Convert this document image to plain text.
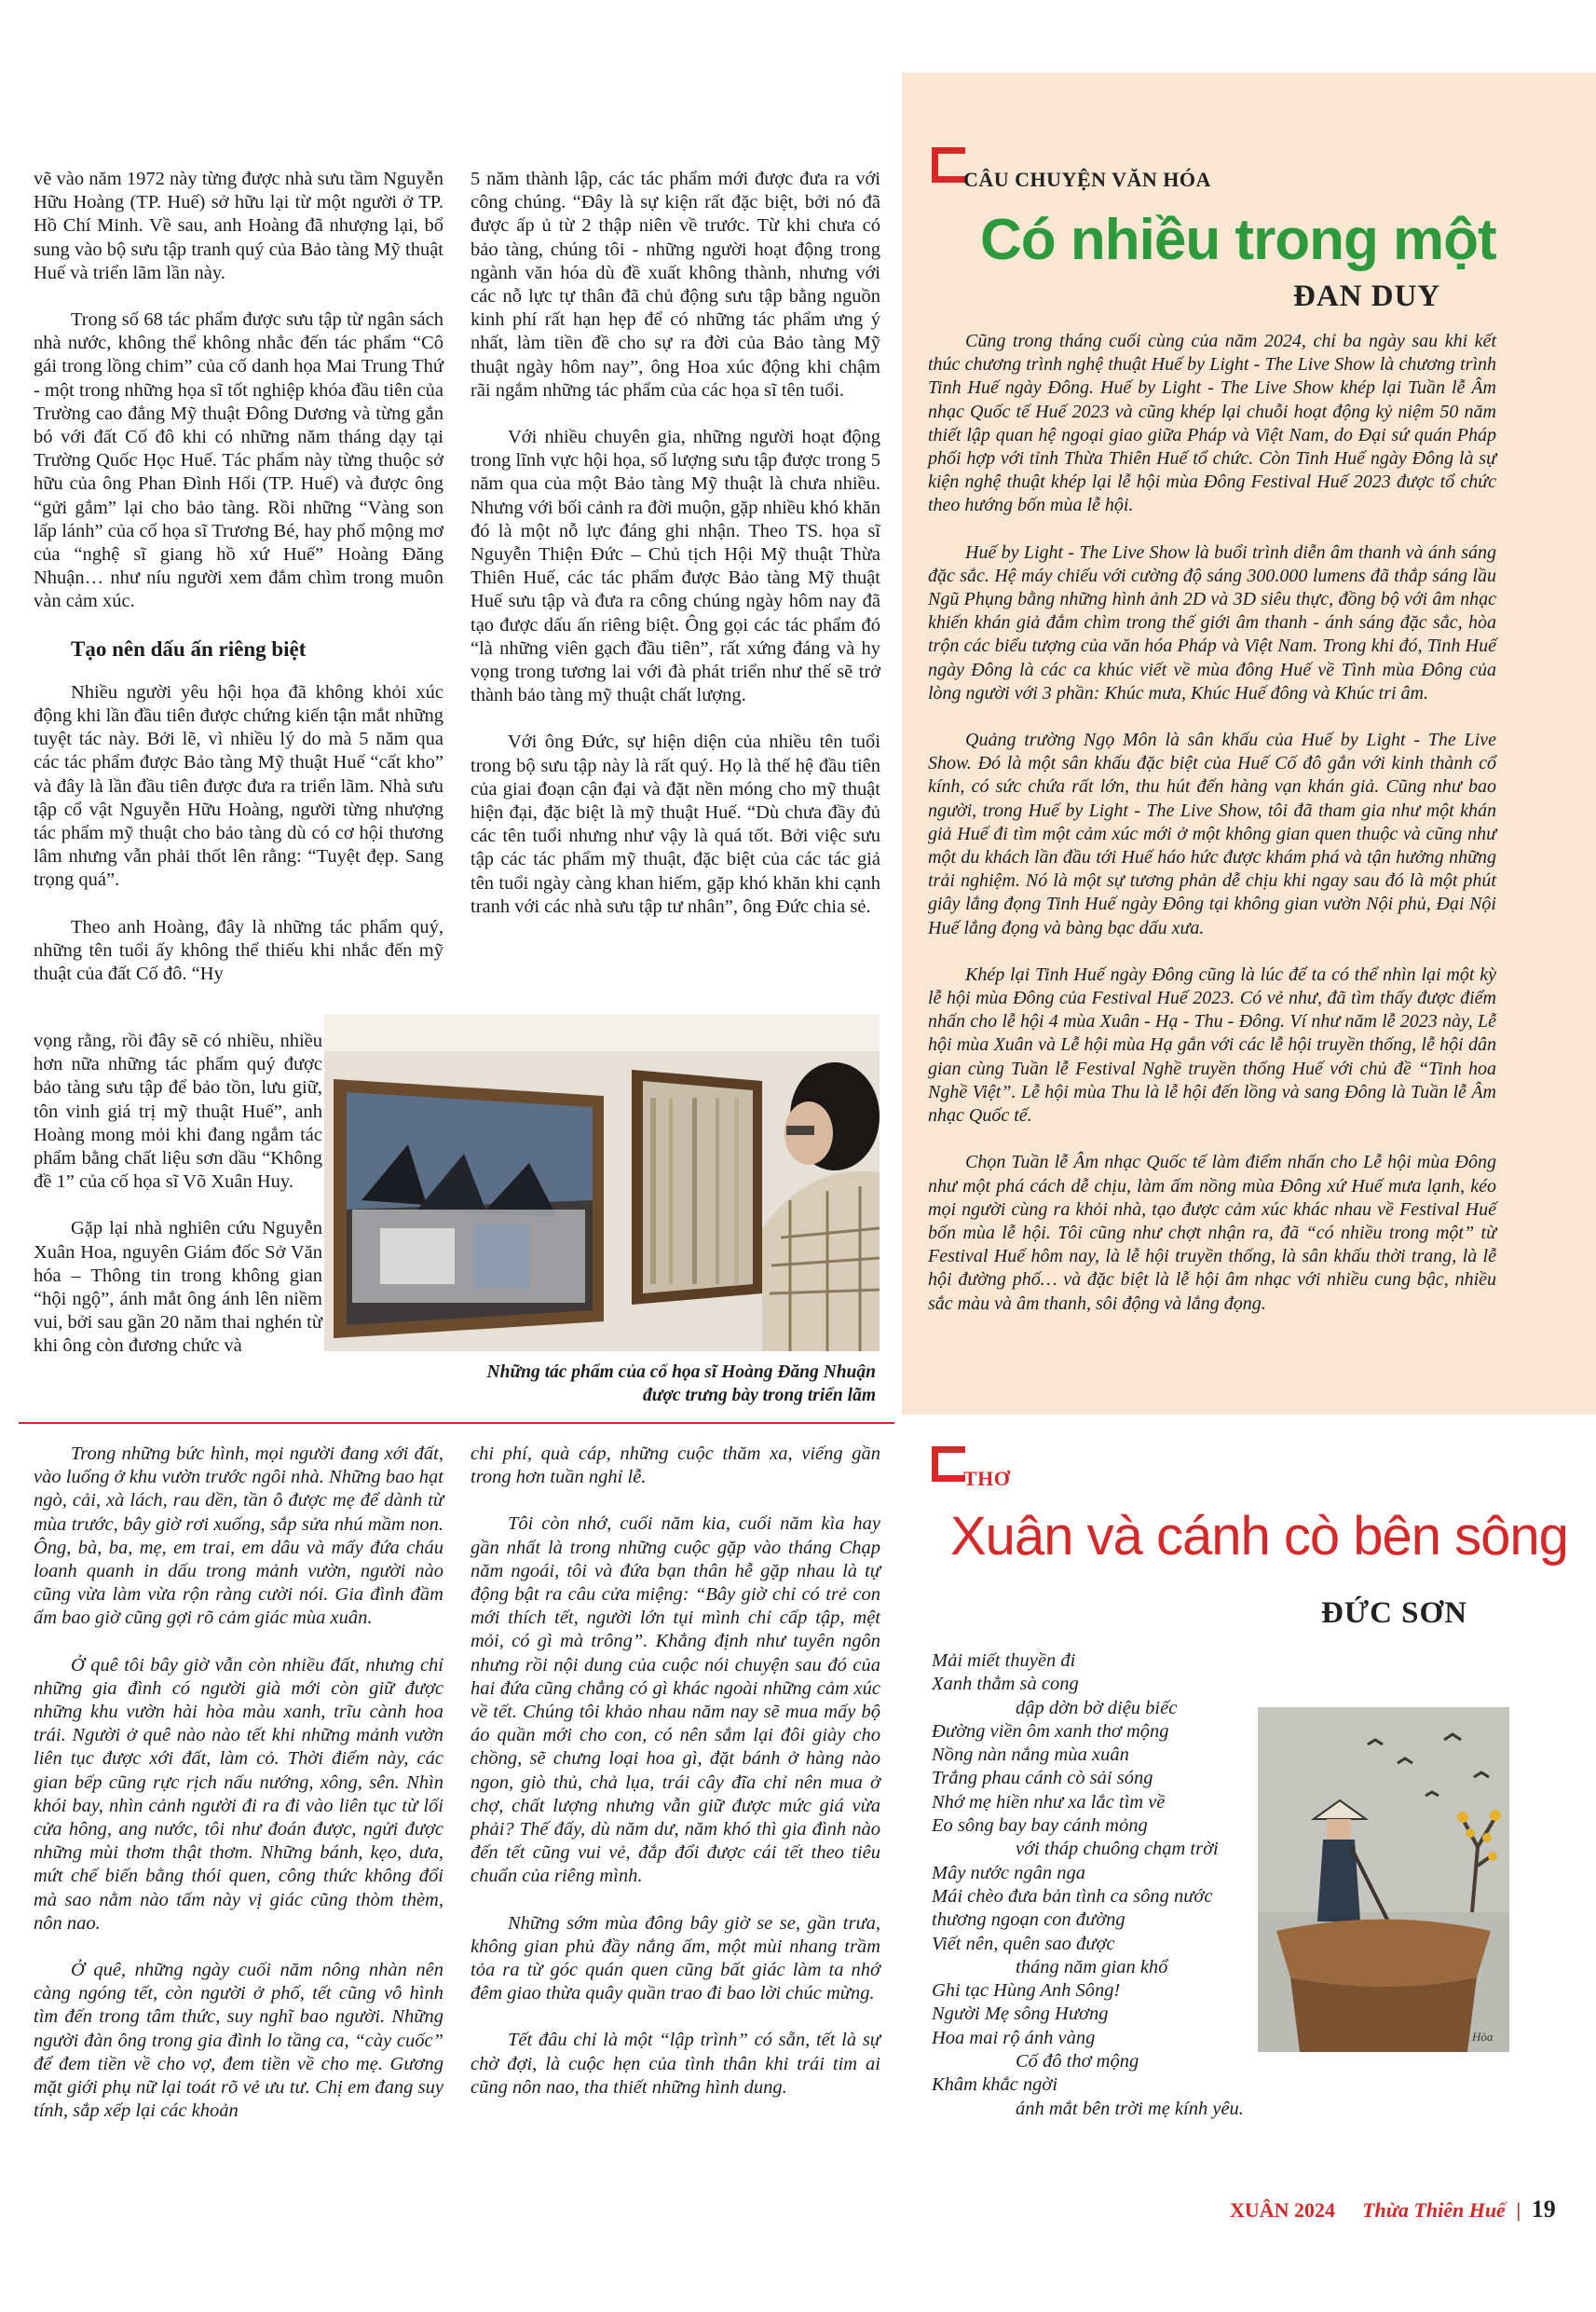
vẽ vào năm 1972 này từng được nhà sưu tầm Nguyễn Hữu Hoàng (TP. Huế) sở hữu lại từ một người ở TP. Hồ Chí Minh. Về sau, anh Hoàng đã nhượng lại, bổ sung vào bộ sưu tập tranh quý của Bảo tàng Mỹ thuật Huế và triển lãm lần này.

Trong số 68 tác phẩm được sưu tập từ ngân sách nhà nước, không thể không nhắc đến tác phẩm “Cô gái trong lồng chim” của cố danh họa Mai Trung Thứ - một trong những họa sĩ tốt nghiệp khóa đầu tiên của Trường cao đẳng Mỹ thuật Đông Dương và từng gắn bó với đất Cố đô khi có những năm tháng dạy tại Trường Quốc Học Huế. Tác phẩm này từng thuộc sở hữu của ông Phan Đình Hối (TP. Huế) và được ông “gửi gắm” lại cho bảo tàng. Rồi những “Vàng son lấp lánh” của cố họa sĩ Trương Bé, hay phố mộng mơ của “nghệ sĩ giang hồ xứ Huế” Hoàng Đăng Nhuận… như níu người xem đắm chìm trong muôn vàn cảm xúc.

Tạo nên dấu ấn riêng biệt

Nhiều người yêu hội họa đã không khỏi xúc động khi lần đầu tiên được chứng kiến tận mắt những tuyệt tác này. Bởi lẽ, vì nhiều lý do mà 5 năm qua các tác phẩm được Bảo tàng Mỹ thuật Huế “cất kho” và đây là lần đầu tiên được đưa ra triển lãm. Nhà sưu tập cổ vật Nguyễn Hữu Hoàng, người từng nhượng tác phẩm mỹ thuật cho bảo tàng dù có cơ hội thương lâm nhưng vẫn phải thốt lên rằng: “Tuyệt đẹp. Sang trọng quá”.

Theo anh Hoàng, đây là những tác phẩm quý, những tên tuổi ấy không thể thiếu khi nhắc đến mỹ thuật của đất Cố đô. “Hy

vọng rằng, rồi đây sẽ có nhiều, nhiều hơn nữa những tác phẩm quý được bảo tàng sưu tập để bảo tồn, lưu giữ, tôn vinh giá trị mỹ thuật Huế”, anh Hoàng mong mỏi khi đang ngắm tác phẩm bằng chất liệu sơn dầu “Không đề 1” của cố họa sĩ Võ Xuân Huy.

Gặp lại nhà nghiên cứu Nguyễn Xuân Hoa, nguyên Giám đốc Sở Văn hóa – Thông tin trong không gian “hội ngộ”, ánh mắt ông ánh lên niềm vui, bởi sau gần 20 năm thai nghén từ khi ông còn đương chức và

5 năm thành lập, các tác phẩm mới được đưa ra với công chúng. “Đây là sự kiện rất đặc biệt, bởi nó đã được ấp ủ từ 2 thập niên về trước. Từ khi chưa có bảo tàng, chúng tôi - những người hoạt động trong ngành văn hóa dù đề xuất không thành, nhưng với các nỗ lực tự thân đã chủ động sưu tập bằng nguồn kinh phí rất hạn hẹp để có những tác phẩm ưng ý nhất, làm tiền đề cho sự ra đời của Bảo tàng Mỹ thuật ngày hôm nay”, ông Hoa xúc động khi chậm rãi ngắm những tác phẩm của các họa sĩ tên tuổi.

Với nhiều chuyên gia, những người hoạt động trong lĩnh vực hội họa, số lượng sưu tập được trong 5 năm qua của một Bảo tàng Mỹ thuật là chưa nhiều. Nhưng với bối cảnh ra đời muộn, gặp nhiều khó khăn đó là một nỗ lực đáng ghi nhận. Theo TS. họa sĩ Nguyễn Thiện Đức – Chủ tịch Hội Mỹ thuật Thừa Thiên Huế, các tác phẩm được Bảo tàng Mỹ thuật Huế sưu tập và đưa ra công chúng ngày hôm nay đã tạo được dấu ấn riêng biệt. Ông gọi các tác phẩm đó “là những viên gạch đầu tiên”, rất xứng đáng và hy vọng trong tương lai với đà phát triển như thế sẽ trở thành bảo tàng mỹ thuật chất lượng.

Với ông Đức, sự hiện diện của nhiều tên tuổi trong bộ sưu tập này là rất quý. Họ là thế hệ đầu tiên của giai đoạn cận đại và đặt nền móng cho mỹ thuật hiện đại, đặc biệt là mỹ thuật Huế. “Dù chưa đầy đủ các tên tuổi nhưng như vậy là quá tốt. Bởi việc sưu tập các tác phẩm mỹ thuật, đặc biệt của các tác giả tên tuổi ngày càng khan hiếm, gặp khó khăn khi cạnh tranh với các nhà sưu tập tư nhân”, ông Đức chia sẻ.

Những tác phẩm của cố họa sĩ Hoàng Đăng Nhuận
được trưng bày trong triển lãm

Trong những bức hình, mọi người đang xới đất, vào luống ở khu vườn trước ngôi nhà. Những bao hạt ngò, cải, xà lách, rau dền, tần ô được mẹ để dành từ mùa trước, bây giờ rơi xuống, sắp sửa nhú mầm non. Ông, bà, ba, mẹ, em trai, em dâu và mấy đứa cháu loanh quanh in dấu trong mảnh vườn, người nào cũng vừa làm vừa rộn ràng cười nói. Gia đình đầm ấm bao giờ cũng gợi rõ cảm giác mùa xuân.

Ở quê tôi bây giờ vẫn còn nhiều đất, nhưng chỉ những gia đình có người già mới còn giữ được những khu vườn hài hòa màu xanh, trĩu cành hoa trái. Người ở quê nào nào tết khi những mảnh vườn liên tục được xới đất, làm cỏ. Thời điểm này, các gian bếp cũng rực rịch nấu nướng, xông, sên. Nhìn khói bay, nhìn cảnh người đi ra đi vào liên tục từ lối cửa hông, ang nước, tôi như đoán được, ngửi được những mùi thơm thật thơm. Những bánh, kẹo, dưa, mứt chế biến bằng thói quen, công thức không đổi mà sao nằm nào tấm này vị giác cũng thòm thèm, nôn nao.

Ở quê, những ngày cuối năm nông nhàn nên càng ngóng tết, còn người ở phố, tết cũng vô hình tìm đến trong tâm thức, suy nghĩ bao người. Những người đàn ông trong gia đình lo tầng ca, “cày cuốc” để đem tiền về cho vợ, đem tiền về cho mẹ. Gương mặt giới phụ nữ lại toát rõ vẻ ưu tư. Chị em đang suy tính, sắp xếp lại các khoản

chi phí, quà cáp, những cuộc thăm xa, viếng gần trong hơn tuần nghỉ lễ.

Tôi còn nhớ, cuối năm kia, cuối năm kìa hay gần nhất là trong những cuộc gặp vào tháng Chạp năm ngoái, tôi và đứa bạn thân hễ gặp nhau là tự động bật ra câu cửa miệng: “Bây giờ chỉ có trẻ con mới thích tết, người lớn tụi mình chỉ cấp tập, mệt mỏi, có gì mà trông”. Khẳng định như tuyên ngôn nhưng rồi nội dung của cuộc nói chuyện sau đó của hai đứa cũng chẳng có gì khác ngoài những cảm xúc về tết. Chúng tôi khảo nhau năm nay sẽ mua mấy bộ áo quần mới cho con, có nên sắm lại đôi giày cho chồng, sẽ chưng loại hoa gì, đặt bánh ở hàng nào ngon, giò thủ, chả lụa, trái cây đĩa chỉ nên mua ở chợ, chất lượng nhưng vẫn giữ được mức giá vừa phải? Thế đấy, dù năm dư, năm khó thì gia đình nào đến tết cũng vui vẻ, đắp đổi được cái tết theo tiêu chuẩn của riêng mình.

Những sớm mùa đông bây giờ se se, gần trưa, không gian phủ đầy nắng ấm, một mùi nhang trầm tỏa ra từ góc quán quen cũng bất giác làm ta nhớ đêm giao thừa quây quần trao đi bao lời chúc mừng.

Tết đâu chỉ là một “lập trình” có sẵn, tết là sự chờ đợi, là cuộc hẹn của tình thân khi trái tim ai cũng nôn nao, tha thiết những hình dung.

CÂU CHUYỆN VĂN HÓA
Có nhiều trong một
ĐAN DUY

Cũng trong tháng cuối cùng của năm 2024, chỉ ba ngày sau khi kết thúc chương trình nghệ thuật Huế by Light - The Live Show là chương trình Tinh Huế ngày Đông. Huế by Light - The Live Show khép lại Tuần lễ Âm nhạc Quốc tế Huế 2023 và cũng khép lại chuỗi hoạt động kỷ niệm 50 năm thiết lập quan hệ ngoại giao giữa Pháp và Việt Nam, do Đại sứ quán Pháp phối hợp với tỉnh Thừa Thiên Huế tổ chức. Còn Tinh Huế ngày Đông là sự kiện nghệ thuật khép lại lễ hội mùa Đông Festival Huế 2023 được tổ chức theo hướng bốn mùa lễ hội.

Huế by Light - The Live Show là buổi trình diễn âm thanh và ánh sáng đặc sắc. Hệ máy chiếu với cường độ sáng 300.000 lumens đã thắp sáng lầu Ngũ Phụng bằng những hình ảnh 2D và 3D siêu thực, đồng bộ với âm nhạc khiến khán giả đắm chìm trong thế giới âm thanh - ánh sáng đặc sắc, hòa trộn các biểu tượng của văn hóa Pháp và Việt Nam. Trong khi đó, Tinh Huế ngày Đông là các ca khúc viết về mùa đông Huế về Tình mùa Đông của lòng người với 3 phần: Khúc mưa, Khúc Huế đông và Khúc tri âm.

Quảng trường Ngọ Môn là sân khấu của Huế by Light - The Live Show. Đó là một sân khấu đặc biệt của Huế Cố đô gắn với kinh thành cổ kính, có sức chứa rất lớn, thu hút đến hàng vạn khán giả. Cũng như bao người, trong Huế by Light - The Live Show, tôi đã tham gia như một khán giả Huế đi tìm một cảm xúc mới ở một không gian quen thuộc và cũng như một du khách lần đầu tới Huế háo hức được khám phá và tận hưởng những trải nghiệm. Nó là một sự tương phản dễ chịu khi ngay sau đó là một phút giây lắng đọng Tinh Huế ngày Đông tại không gian vườn Nội phủ, Đại Nội Huế lắng đọng và bàng bạc dấu xưa.

Khép lại Tinh Huế ngày Đông cũng là lúc để ta có thể nhìn lại một kỳ lễ hội mùa Đông của Festival Huế 2023. Có vẻ như, đã tìm thấy được điểm nhấn cho lễ hội 4 mùa Xuân - Hạ - Thu - Đông. Ví như năm lễ 2023 này, Lễ hội mùa Xuân và Lễ hội mùa Hạ gắn với các lễ hội truyền thống, lễ hội dân gian cùng Tuần lễ Festival Nghề truyền thống Huế với chủ đề “Tinh hoa Nghề Việt”. Lễ hội mùa Thu là lễ hội đến lồng và sang Đông là Tuần lễ Âm nhạc Quốc tế.

Chọn Tuần lễ Âm nhạc Quốc tế làm điểm nhấn cho Lễ hội mùa Đông như một phá cách dễ chịu, làm ấm nồng mùa Đông xứ Huế mưa lạnh, kéo mọi người cùng ra khỏi nhà, tạo được cảm xúc khác nhau về Festival Huế bốn mùa lễ hội. Tôi cũng như chợt nhận ra, đã “có nhiều trong một” từ Festival Huế hôm nay, là lễ hội truyền thống, là sân khấu thời trang, là lễ hội đường phố… và đặc biệt là lễ hội âm nhạc với nhiều cung bậc, nhiều sắc màu và âm thanh, sôi động và lắng đọng.

THƠ
Xuân và cánh cò bên sông
ĐỨC SƠN
Mải miết thuyền đi
Xanh thẳm sà cong
dập dờn bờ diệu biếc
Đường viền ôm xanh thơ mộng
Nồng nàn nắng mùa xuân
Trắng phau cánh cò sải sóng
Nhớ mẹ hiền như xa lắc tìm về
Eo sông bay bay cánh mỏng
với tháp chuông chạm trời
Mây nước ngân nga
Mái chèo đưa bản tình ca sông nước
thương ngoạn con đường
Viết nên, quên sao được
tháng năm gian khổ
Ghi tạc Hùng Anh Sông!
Người Mẹ sông Hương
Hoa mai rộ ánh vàng
Cố đô thơ mộng
Khâm khắc ngời
ánh mắt bên trời mẹ kính yêu.
Hòa
XUÂN 2024 Thừa Thiên Huế | 19
